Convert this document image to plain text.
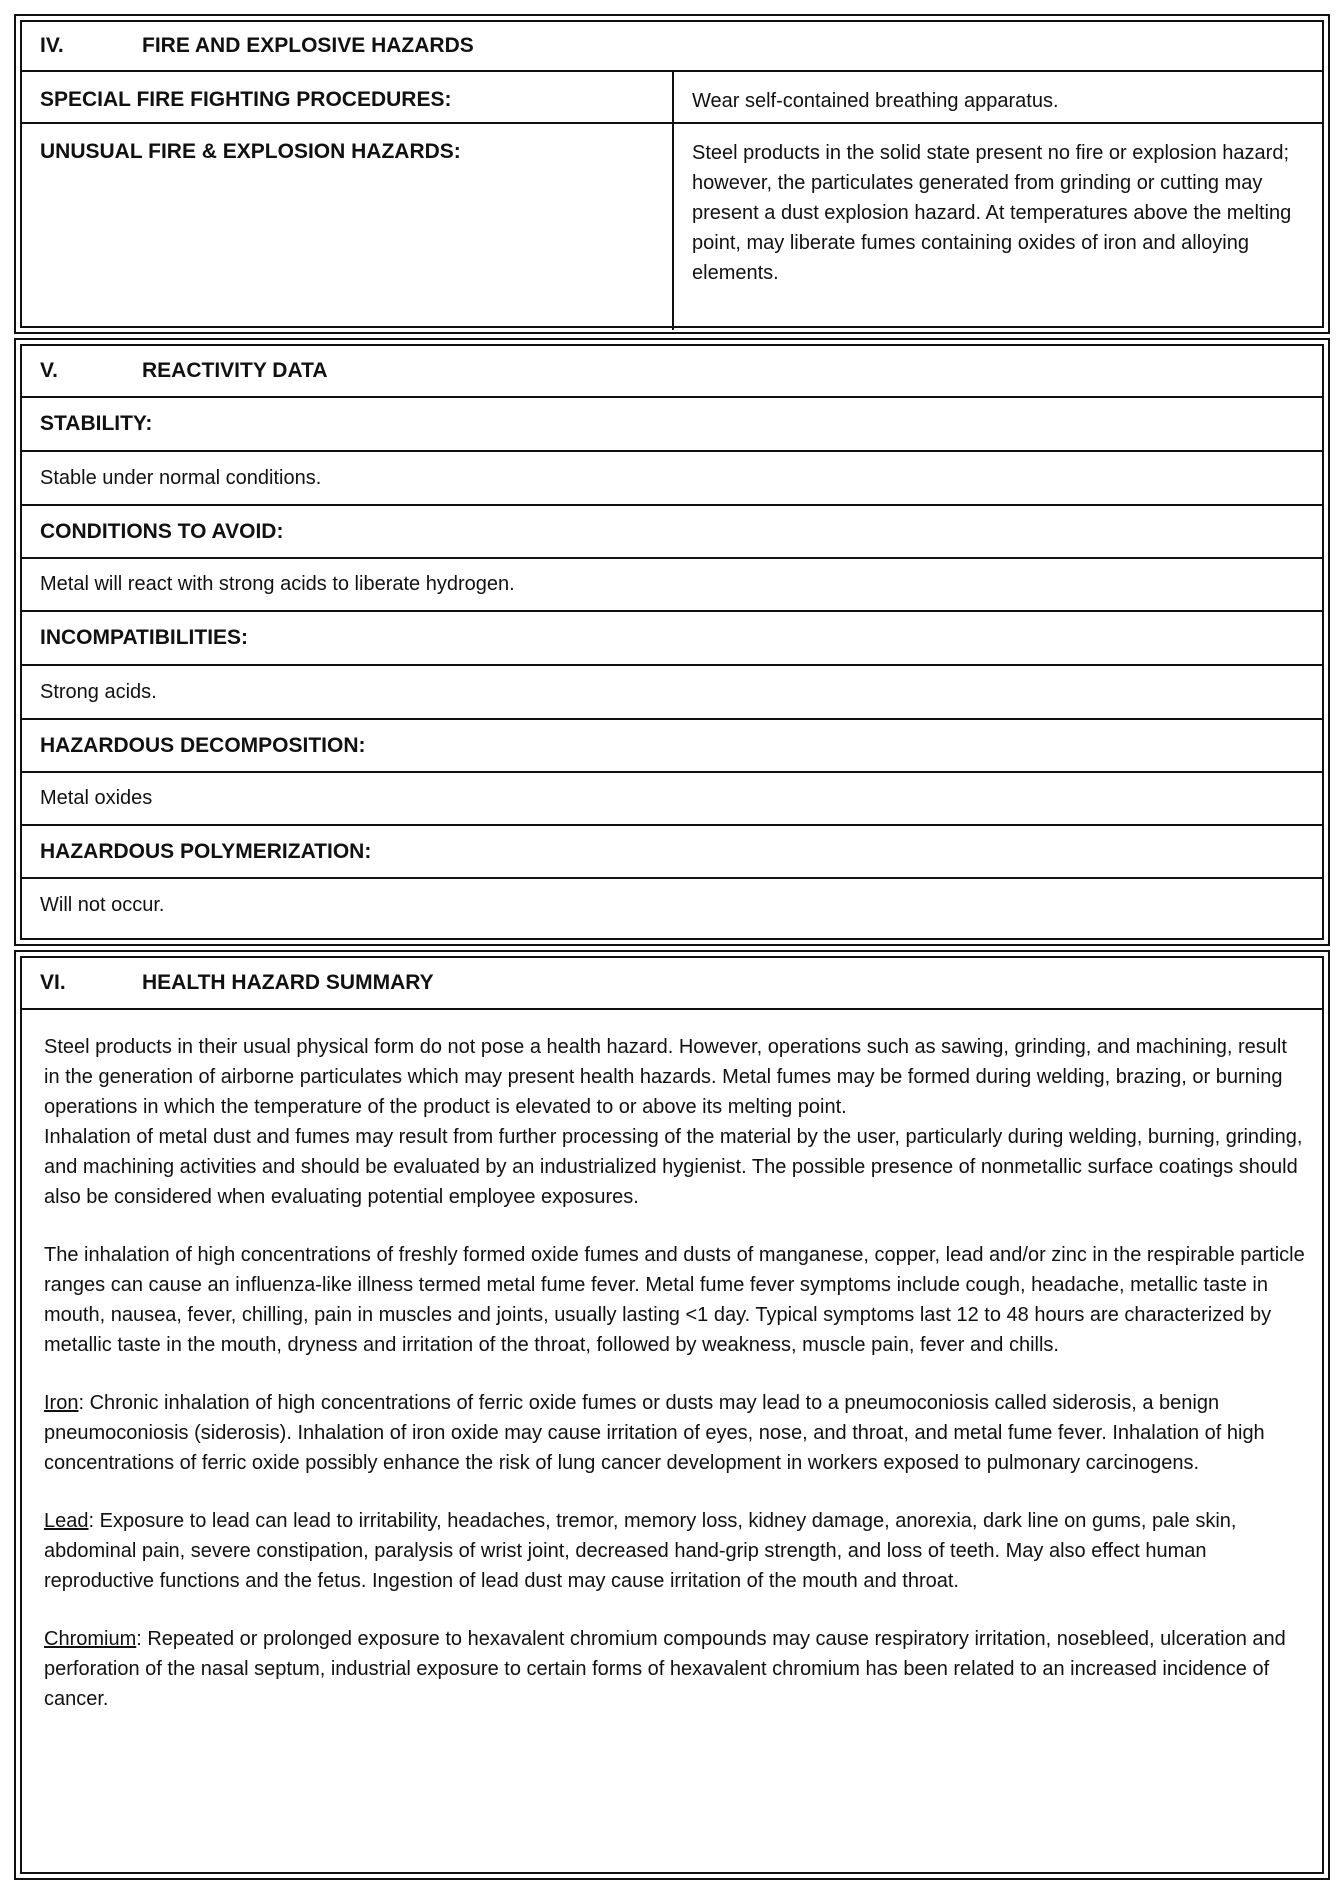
IV.	FIRE AND EXPLOSIVE HAZARDS
SPECIAL FIRE FIGHTING PROCEDURES:	Wear self-contained breathing apparatus.
UNUSUAL FIRE & EXPLOSION HAZARDS:	Steel products in the solid state present no fire or explosion hazard; however, the particulates generated from grinding or cutting may present a dust explosion hazard. At temperatures above the melting point, may liberate fumes containing oxides of iron and alloying elements.
V.	REACTIVITY DATA
STABILITY:
Stable under normal conditions.
CONDITIONS TO AVOID:
Metal will react with strong acids to liberate hydrogen.
INCOMPATIBILITIES:
Strong acids.
HAZARDOUS DECOMPOSITION:
Metal oxides
HAZARDOUS POLYMERIZATION:
Will not occur.
VI.	HEALTH HAZARD SUMMARY

Steel products in their usual physical form do not pose a health hazard. However, operations such as sawing, grinding, and machining, result in the generation of airborne particulates which may present health hazards. Metal fumes may be formed during welding, brazing, or burning operations in which the temperature of the product is elevated to or above its melting point.
Inhalation of metal dust and fumes may result from further processing of the material by the user, particularly during welding, burning, grinding, and machining activities and should be evaluated by an industrialized hygienist. The possible presence of nonmetallic surface coatings should also be considered when evaluating potential employee exposures.

The inhalation of high concentrations of freshly formed oxide fumes and dusts of manganese, copper, lead and/or zinc in the respirable particle ranges can cause an influenza-like illness termed metal fume fever. Metal fume fever symptoms include cough, headache, metallic taste in mouth, nausea, fever, chilling, pain in muscles and joints, usually lasting <1 day. Typical symptoms last 12 to 48 hours are characterized by metallic taste in the mouth, dryness and irritation of the throat, followed by weakness, muscle pain, fever and chills.

Iron: Chronic inhalation of high concentrations of ferric oxide fumes or dusts may lead to a pneumoconiosis called siderosis, a benign pneumoconiosis (siderosis). Inhalation of iron oxide may cause irritation of eyes, nose, and throat, and metal fume fever. Inhalation of high concentrations of ferric oxide possibly enhance the risk of lung cancer development in workers exposed to pulmonary carcinogens.

Lead: Exposure to lead can lead to irritability, headaches, tremor, memory loss, kidney damage, anorexia, dark line on gums, pale skin, abdominal pain, severe constipation, paralysis of wrist joint, decreased hand-grip strength, and loss of teeth. May also effect human reproductive functions and the fetus. Ingestion of lead dust may cause irritation of the mouth and throat.

Chromium: Repeated or prolonged exposure to hexavalent chromium compounds may cause respiratory irritation, nosebleed, ulceration and perforation of the nasal septum, industrial exposure to certain forms of hexavalent chromium has been related to an increased incidence of cancer.
